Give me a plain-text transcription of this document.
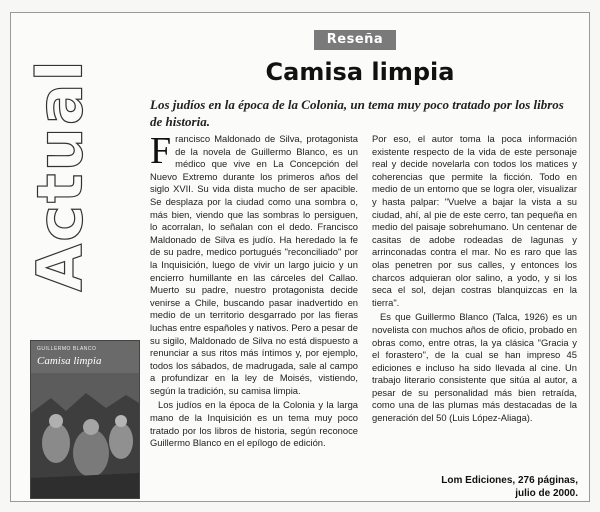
Reseña
Actual	Camisa limpia
Los judíos en la época de la Colonia, un tema muy poco tratado por los libros de historia.
GUILLERMO BLANCO
Camisa limpia

Francisco Maldonado de Silva, protagonista de la novela de Guillermo Blanco, es un médico que vive en La Concepción del Nuevo Extremo durante los primeros años del siglo XVII. Su vida dista mucho de ser apacible. Se desplaza por la ciudad como una sombra o, más bien, viendo que las sombras lo persiguen, lo acorralan, lo señalan con el dedo. Francisco Maldonado de Silva es judío. Ha heredado la fe de su padre, medico portugués "reconciliado" por la Inquisición, luego de vivir un largo juicio y un encierro humillante en las cárceles del Callao. Muerto su padre, nuestro protagonista decide venirse a Chile, buscando pasar inadvertido en medio de un territorio desgarrado por las fieras luchas entre españoles y nativos. Pero a pesar de su sigilo, Maldonado de Silva no está dispuesto a renunciar a sus ritos más íntimos y, por ejemplo, todos los sábados, de madrugada, sale al campo a profundizar en la ley de Moisés, vistiendo, según la tradición, su camisa limpia.

Los judíos en la época de la Colonia y la larga mano de la Inquisición es un tema muy poco tratado por los libros de historia, según reconoce Guillermo Blanco en el epílogo de edición.

Por eso, el autor toma la poca información existente respecto de la vida de este personaje real y decide novelarla con todos los matices y coherencias que permite la ficción. Todo en medio de un entorno que se logra oler, visualizar y hasta palpar: "Vuelve a bajar la vista a su ciudad, ahí, al pie de este cerro, tan pequeña en medio del paisaje sobrehumano. Un centenar de casitas de adobe rodeadas de lagunas y arrinconadas contra el mar. No es raro que las olas penetren por sus calles, y entonces los charcos adquieran olor salino, a yodo, y si los seca el sol, dejan costras blanquizcas en la tierra".

Es que Guillermo Blanco (Talca, 1926) es un novelista con muchos años de oficio, probado en obras como, entre otras, la ya clásica "Gracia y el forastero", de la cual se han impreso 45 ediciones e incluso ha sido llevada al cine. Un trabajo literario consistente que sitúa al autor, a pesar de su personalidad más bien retraída, como una de las plumas más destacadas de la generación del 50 (Luis López-Aliaga).

Lom Ediciones, 276 páginas,
julio de 2000.
